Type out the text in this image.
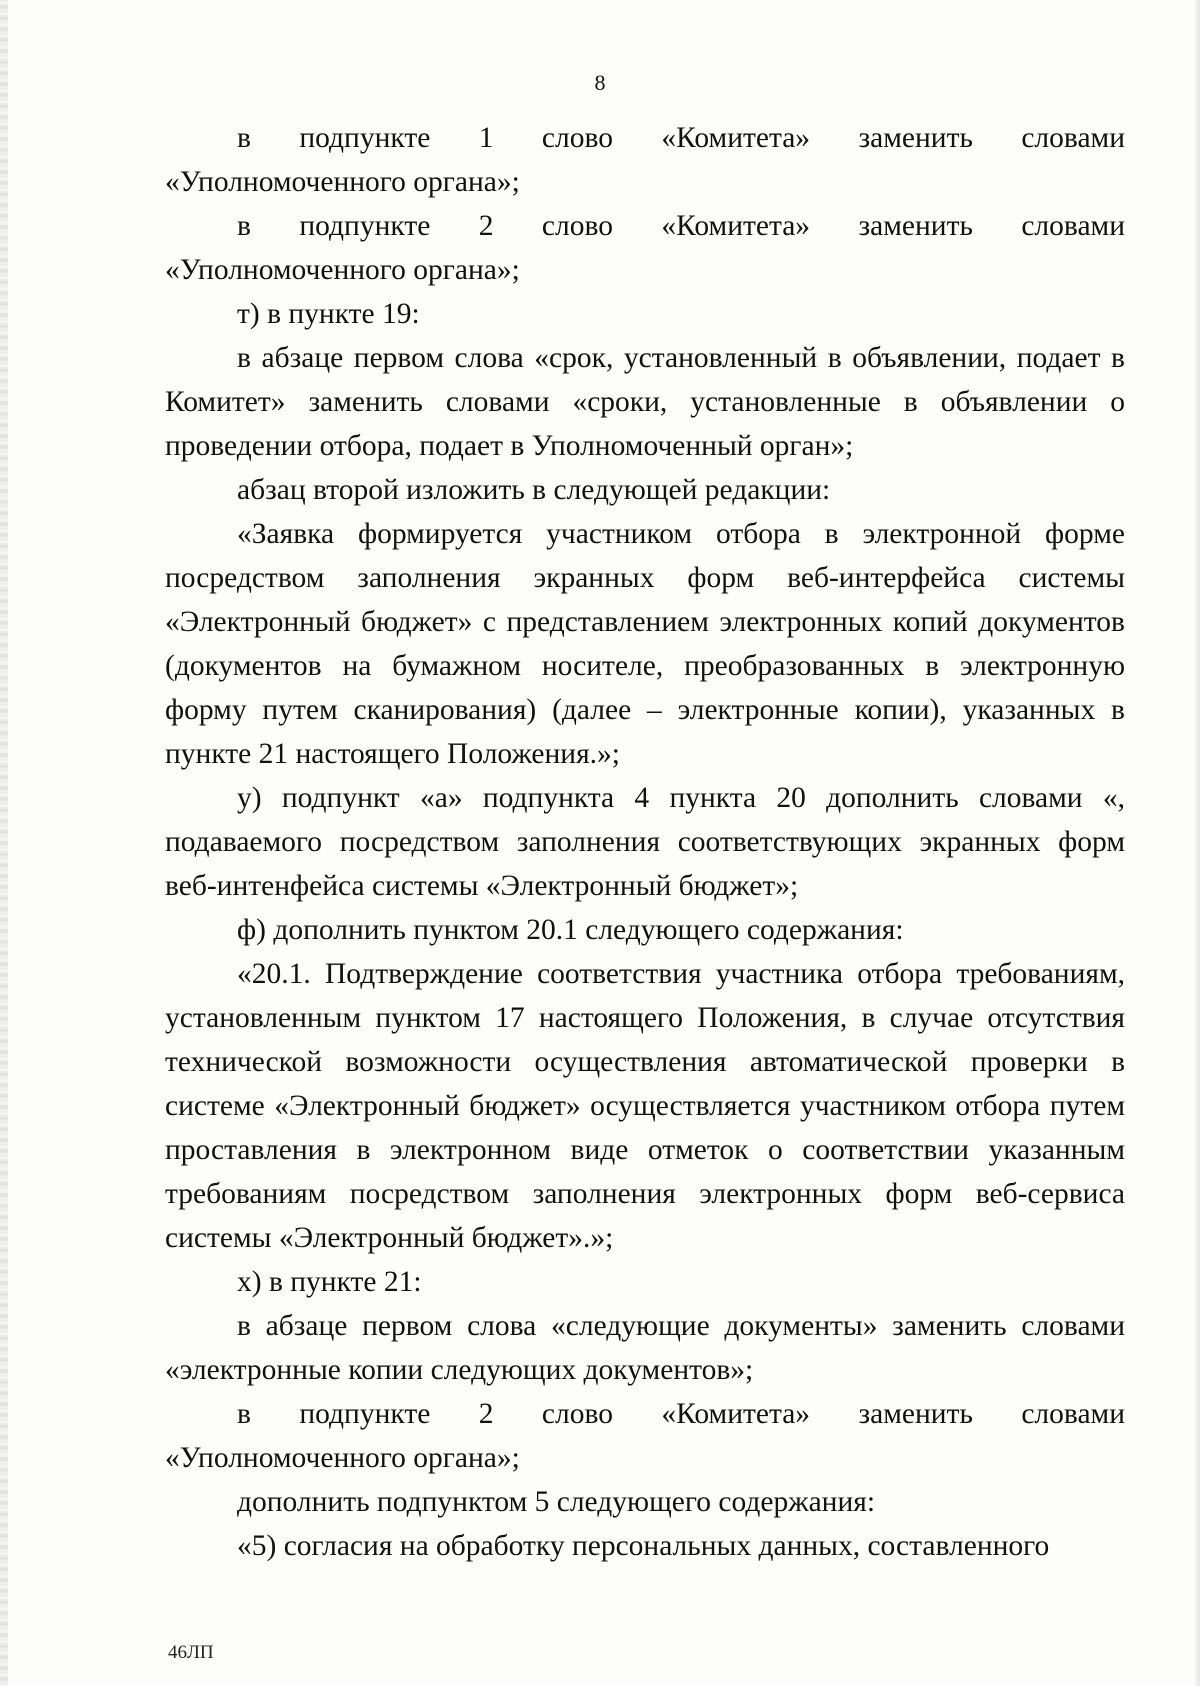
8

в подпункте 1 слово «Комитета» заменить словами «Уполномоченного органа»;

в подпункте 2 слово «Комитета» заменить словами «Уполномоченного органа»;

т) в пункте 19:

в абзаце первом слова «срок, установленный в объявлении, подает в Комитет» заменить словами «сроки, установленные в объявлении о проведении отбора, подает в Уполномоченный орган»;

абзац второй изложить в следующей редакции:

«Заявка формируется участником отбора в электронной форме посредством заполнения экранных форм веб-интерфейса системы «Электронный бюджет» с представлением электронных копий документов (документов на бумажном носителе, преобразованных в электронную форму путем сканирования) (далее – электронные копии), указанных в пункте 21 настоящего Положения.»;

у) подпункт «а» подпункта 4 пункта 20 дополнить словами «, подаваемого посредством заполнения соответствующих экранных форм веб-интенфейса системы «Электронный бюджет»;

ф) дополнить пунктом 20.1 следующего содержания:

«20.1. Подтверждение соответствия участника отбора требованиям, установленным пунктом 17 настоящего Положения, в случае отсутствия технической возможности осуществления автоматической проверки в системе «Электронный бюджет» осуществляется участником отбора путем проставления в электронном виде отметок о соответствии указанным требованиям посредством заполнения электронных форм веб-сервиса системы «Электронный бюджет».»;

х) в пункте 21:

в абзаце первом слова «следующие документы» заменить словами «электронные копии следующих документов»;

в подпункте 2 слово «Комитета» заменить словами «Уполномоченного органа»;

дополнить подпунктом 5 следующего содержания:

«5) согласия на обработку персональных данных, составленного

46ЛП
